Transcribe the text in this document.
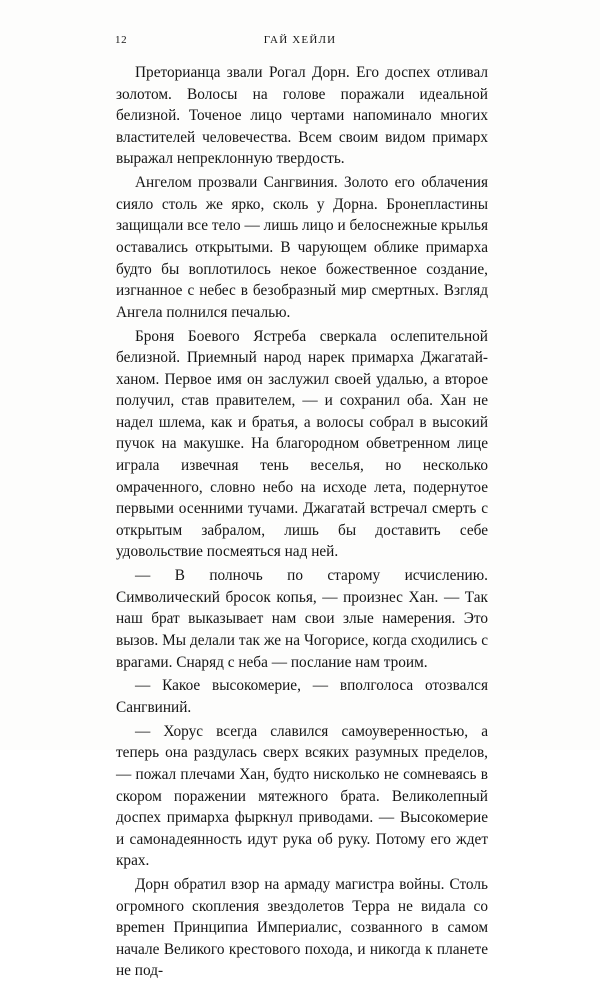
12	ГАЙ ХЕЙЛИ

Преторианца звали Рогал Дорн. Его доспех отливал золотом. Волосы на голове поражали идеальной белизной. Точеное лицо чертами напоминало многих властителей человечества. Всем своим видом примарх выражал непреклонную твердость.

Ангелом прозвали Сангвиния. Золото его облачения сияло столь же ярко, сколь у Дорна. Бронепластины защищали все тело — лишь лицо и белоснежные крылья оставались открытыми. В чарующем облике примарха будто бы воплотилось некое божественное создание, изгнанное с небес в безобразный мир смертных. Взгляд Ангела полнился печалью.

Броня Боевого Ястреба сверкала ослепительной белизной. Приемный народ нарек примарха Джагатай-ханом. Первое имя он заслужил своей удалью, а второе получил, став правителем, — и сохранил оба. Хан не надел шлема, как и братья, а волосы собрал в высокий пучок на макушке. На благородном обветренном лице играла извечная тень веселья, но несколько омраченного, словно небо на исходе лета, подернутое первыми осенними тучами. Джагатай встречал смерть с открытым забралом, лишь бы доставить себе удовольствие посмеяться над ней.

— В полночь по старому исчислению. Символический бросок копья, — произнес Хан. — Так наш брат выказывает нам свои злые намерения. Это вызов. Мы делали так же на Чогорисе, когда сходились с врагами. Снаряд с неба — послание нам троим.

— Какое высокомерие, — вполголоса отозвался Сангвиний.

— Хорус всегда славился самоуверенностью, а теперь она раздулась сверх всяких разумных пределов, — пожал плечами Хан, будто нисколько не сомневаясь в скором поражении мятежного брата. Великолепный доспех примарха фыркнул приводами. — Высокомерие и самонадеянность идут рука об руку. Потому его ждет крах.

Дорн обратил взор на армаду магистра войны. Столь огромного скопления звездолетов Терра не видала со вреmен Принципиа Империалис, созванного в самом начале Великого крестового похода, и никогда к планете не под-
